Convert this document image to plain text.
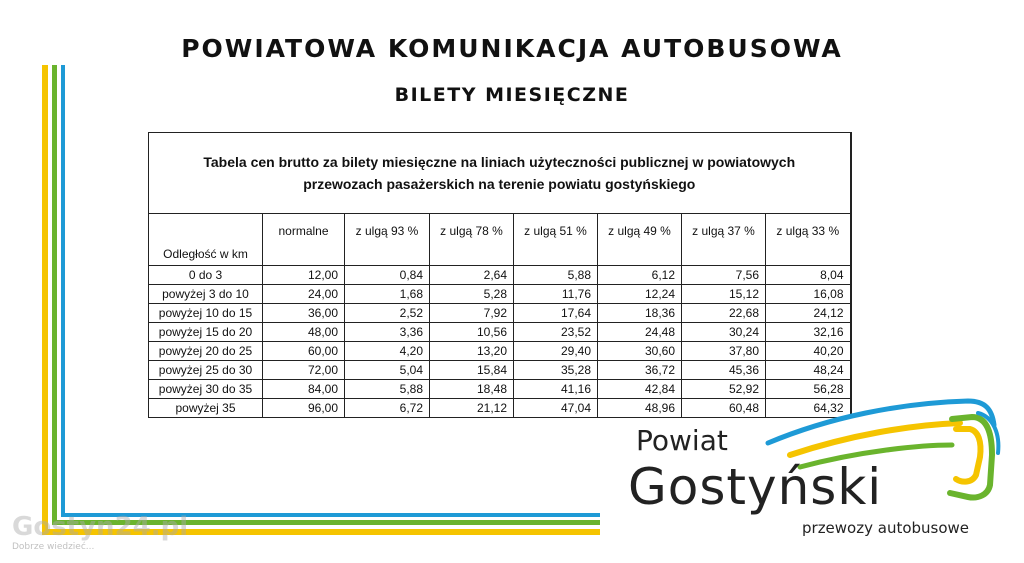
POWIATOWA KOMUNIKACJA AUTOBUSOWA
BILETY MIESIĘCZNE
Tabela cen brutto za bilety miesięczne na liniach użyteczności publicznej w powiatowych
przewozach pasażerskich na terenie powiatu gostyńskiego							
Odległość w km	normalne	z ulgą 93 %	z ulgą 78 %	z ulgą 51 %	z ulgą 49 %	z ulgą 37 %	z ulgą 33 %
0 do 3	12,00	0,84	2,64	5,88	6,12	7,56	8,04
powyżej 3 do 10	24,00	1,68	5,28	11,76	12,24	15,12	16,08
powyżej 10 do 15	36,00	2,52	7,92	17,64	18,36	22,68	24,12
powyżej 15 do 20	48,00	3,36	10,56	23,52	24,48	30,24	32,16
powyżej 20 do 25	60,00	4,20	13,20	29,40	30,60	37,80	40,20
powyżej 25 do 30	72,00	5,04	15,84	35,28	36,72	45,36	48,24
powyżej 30 do 35	84,00	5,88	18,48	41,16	42,84	52,92	56,28
powyżej 35	96,00	6,72	21,12	47,04	48,96	60,48	64,32
Powiat
Gostyński
przewozy autobusowe
Gostyn24.pl
Dobrze wiedzieć...
